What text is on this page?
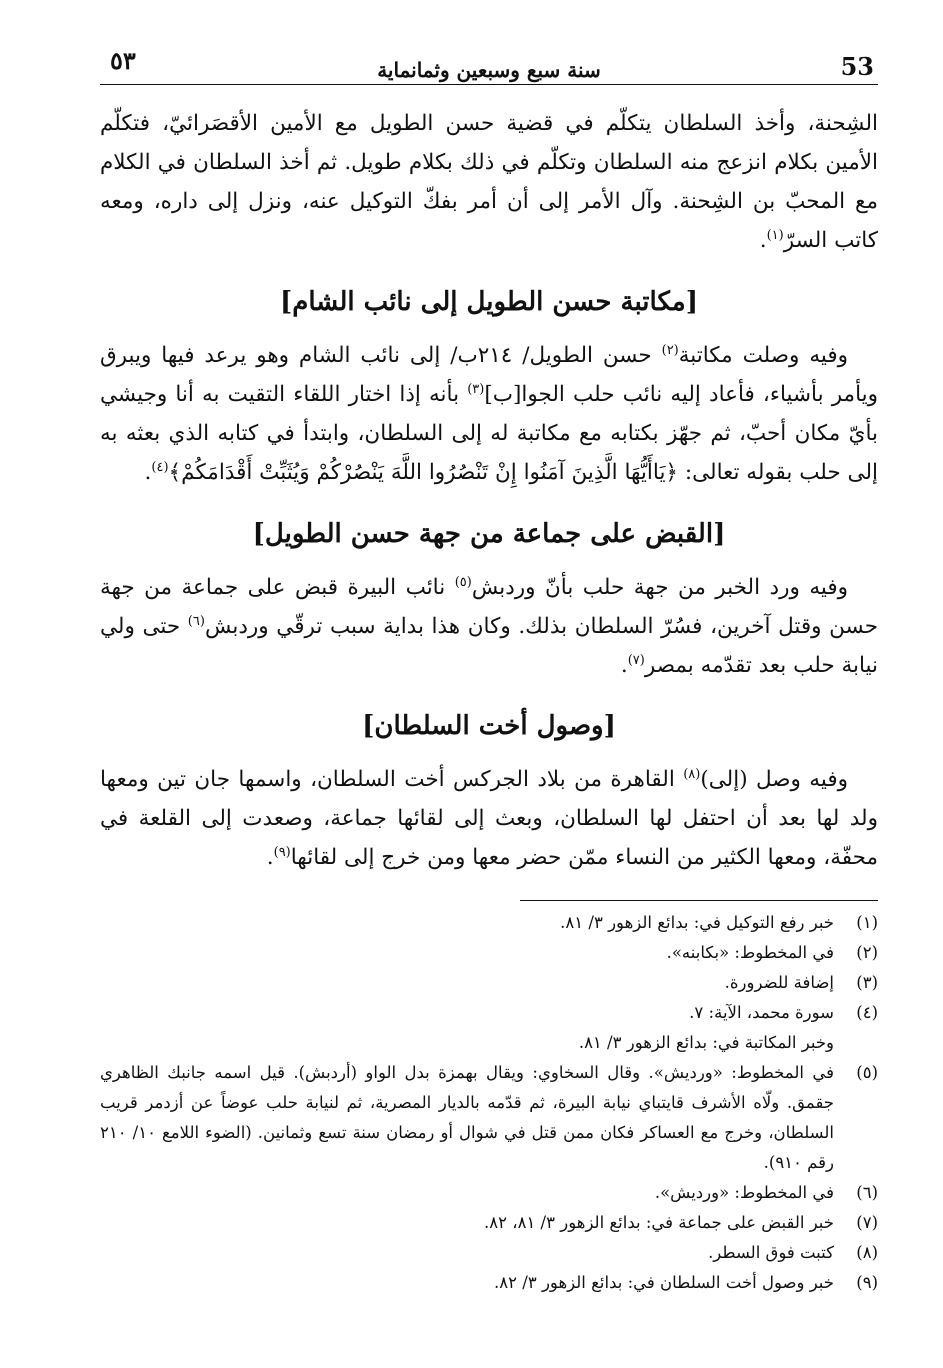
53
سنة سبع وسبعين وثمانماية
٥٣

الشِحنة، وأخذ السلطان يتكلّم في قضية حسن الطويل مع الأمين الأقصَرائيّ، فتكلّم الأمين بكلام انزعج منه السلطان وتكلّم في ذلك بكلام طويل. ثم أخذ السلطان في الكلام مع المحبّ بن الشِحنة. وآل الأمر إلى أن أمر بفكّ التوكيل عنه، ونزل إلى داره، ومعه كاتب السرّ$^{(١)}$.

[مكاتبة حسن الطويل إلى نائب الشام]

وفيه وصلت مكاتبة$^{(٢)}$ حسن الطويل/ ٢١٤ب/ إلى نائب الشام وهو يرعد فيها ويبرق ويأمر بأشياء، فأعاد إليه نائب حلب الجوا[ب]$^{(٣)}$ بأنه إذا اختار اللقاء التقيت به أنا وجيشي بأيّ مكان أحبّ، ثم جهّز بكتابه مع مكاتبة له إلى السلطان، وابتدأ في كتابه الذي بعثه به إلى حلب بقوله تعالى: ﴿يَاأَيُّهَا الَّذِينَ آمَنُوا إِنْ تَنْصُرُوا اللَّهَ يَنْصُرْكُمْ وَيُثَبِّتْ أَقْدَامَكُمْ﴾$^{(٤)}$.

[القبض على جماعة من جهة حسن الطويل]

وفيه ورد الخبر من جهة حلب بأنّ وردبش$^{(٥)}$ نائب البيرة قبض على جماعة من جهة حسن وقتل آخرين، فسُرّ السلطان بذلك. وكان هذا بداية سبب ترقّي وردبش$^{(٦)}$ حتى ولي نيابة حلب بعد تقدّمه بمصر$^{(٧)}$.

[وصول أخت السلطان]

وفيه وصل (إلى)$^{(٨)}$ القاهرة من بلاد الجركس أخت السلطان، واسمها جان تين ومعها ولد لها بعد أن احتفل لها السلطان، وبعث إلى لقائها جماعة، وصعدت إلى القلعة في محفّة، ومعها الكثير من النساء ممّن حضر معها ومن خرج إلى لقائها$^{(٩)}$.

(١)
خبر رفع التوكيل في: بدائع الزهور ٣/ ٨١.
(٢)
في المخطوط: «بكابنه».
(٣)
إضافة للضرورة.
(٤)
سورة محمد، الآية: ٧.
وخبر المكاتبة في: بدائع الزهور ٣/ ٨١.
(٥)
في المخطوط: «ورديش». وقال السخاوي: ويقال بهمزة بدل الواو (أردبش). قيل اسمه جانبك الظاهري جقمق. ولّاه الأشرف قايتباي نيابة البيرة، ثم قدّمه بالديار المصرية، ثم لنيابة حلب عوضاً عن أزدمر قريب السلطان، وخرج مع العساكر فكان ممن قتل في شوال أو رمضان سنة تسع وثمانين. (الضوء اللامع ١٠/ ٢١٠ رقم ٩١٠).
(٦)
في المخطوط: «ورديش».
(٧)
خبر القبض على جماعة في: بدائع الزهور ٣/ ٨١، ٨٢.
(٨)
كتبت فوق السطر.
(٩)
خبر وصول أخت السلطان في: بدائع الزهور ٣/ ٨٢.
